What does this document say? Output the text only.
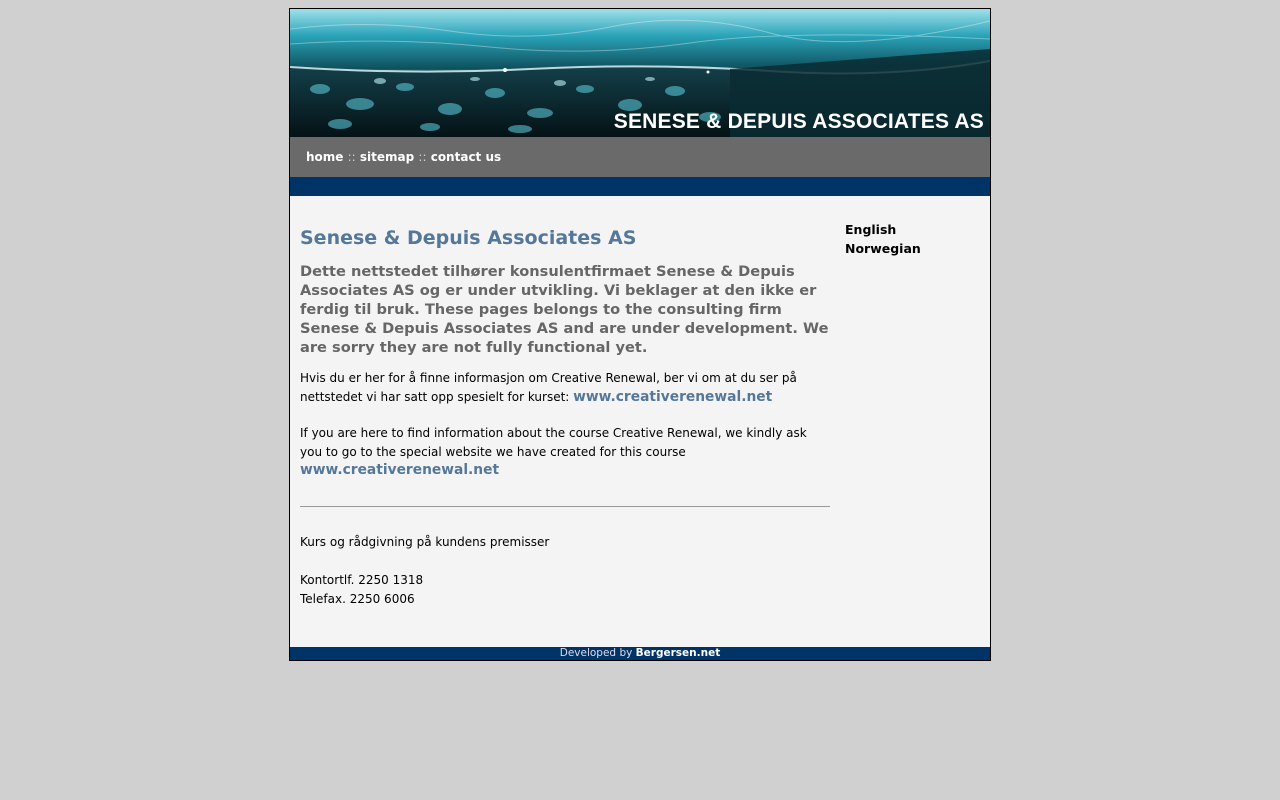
SENESE & DEPUIS ASSOCIATES AS
home :: sitemap :: contact us
Senese & Depuis Associates AS

Dette nettstedet tilhører konsulentfirmaet Senese & Depuis Associates AS og er under utvikling. Vi beklager at den ikke er ferdig til bruk. These pages belongs to the consulting firm Senese & Depuis Associates AS and are under development. We are sorry they are not fully functional yet.

Hvis du er her for å finne informasjon om Creative Renewal, ber vi om at du ser på nettstedet vi har satt opp spesielt for kurset: www.creativerenewal.net

If you are here to find information about the course Creative Renewal, we kindly ask you to go to the special website we have created for this course www.creativerenewal.net

Kurs og rådgivning på kundens premisser

Kontortlf. 2250 1318
Telefax. 2250 6006

English
Norwegian
Developed by Bergersen.net
